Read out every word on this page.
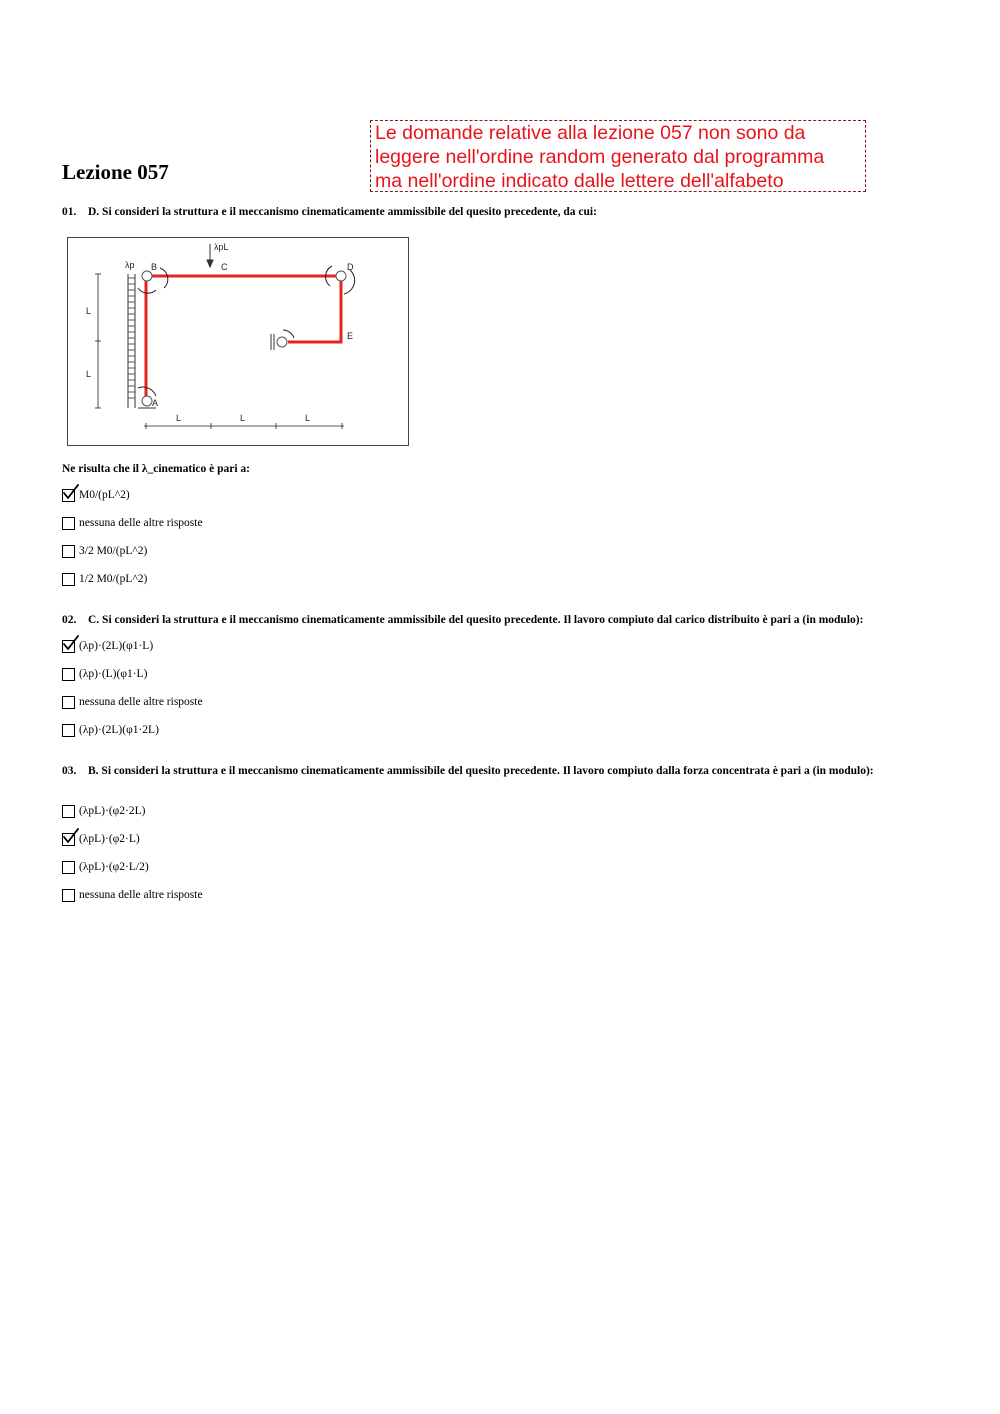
Lezione 057
Le domande relative alla lezione 057 non sono da
leggere nell'ordine random generato dal programma
ma nell'ordine indicato dalle lettere dell'alfabeto
01. D. Si consideri la struttura e il meccanismo cinematicamente ammissibile del quesito precedente, da cui:
λp
λpL
B	C	D
E
A
L
L
L	L	L
Ne risulta che il λ_cinematico è pari a:
M0/(pL^2)
nessuna delle altre risposte
3/2 M0/(pL^2)
1/2 M0/(pL^2)
02. C. Si consideri la struttura e il meccanismo cinematicamente ammissibile del quesito precedente. Il lavoro compiuto dal carico distribuito è pari a (in modulo):
(λp)·(2L)(φ1·L)
(λp)·(L)(φ1·L)
nessuna delle altre risposte
(λp)·(2L)(φ1·2L)
03. B. Si consideri la struttura e il meccanismo cinematicamente ammissibile del quesito precedente. Il lavoro compiuto dalla forza concentrata è pari a (in modulo):
(λpL)·(φ2·2L)
(λpL)·(φ2·L)
(λpL)·(φ2·L/2)
nessuna delle altre risposte
